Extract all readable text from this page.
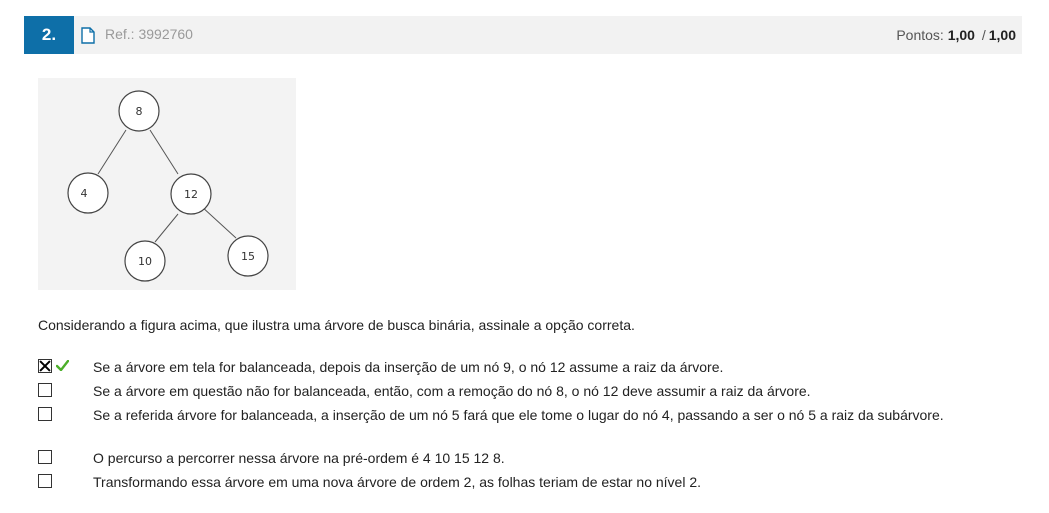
2.	Ref.: 3992760	Pontos: 1,00 / 1,00
8
4	12
10	15
Considerando a figura acima, que ilustra uma árvore de busca binária, assinale a opção correta.
Se a árvore em tela for balanceada, depois da inserção de um nó 9, o nó 12 assume a raiz da árvore.
Se a árvore em questão não for balanceada, então, com a remoção do nó 8, o nó 12 deve assumir a raiz da árvore.
Se a referida árvore for balanceada, a inserção de um nó 5 fará que ele tome o lugar do nó 4, passando a ser o nó 5 a raiz da subárvore.
O percurso a percorrer nessa árvore na pré-ordem é 4 10 15 12 8.
Transformando essa árvore em uma nova árvore de ordem 2, as folhas teriam de estar no nível 2.
